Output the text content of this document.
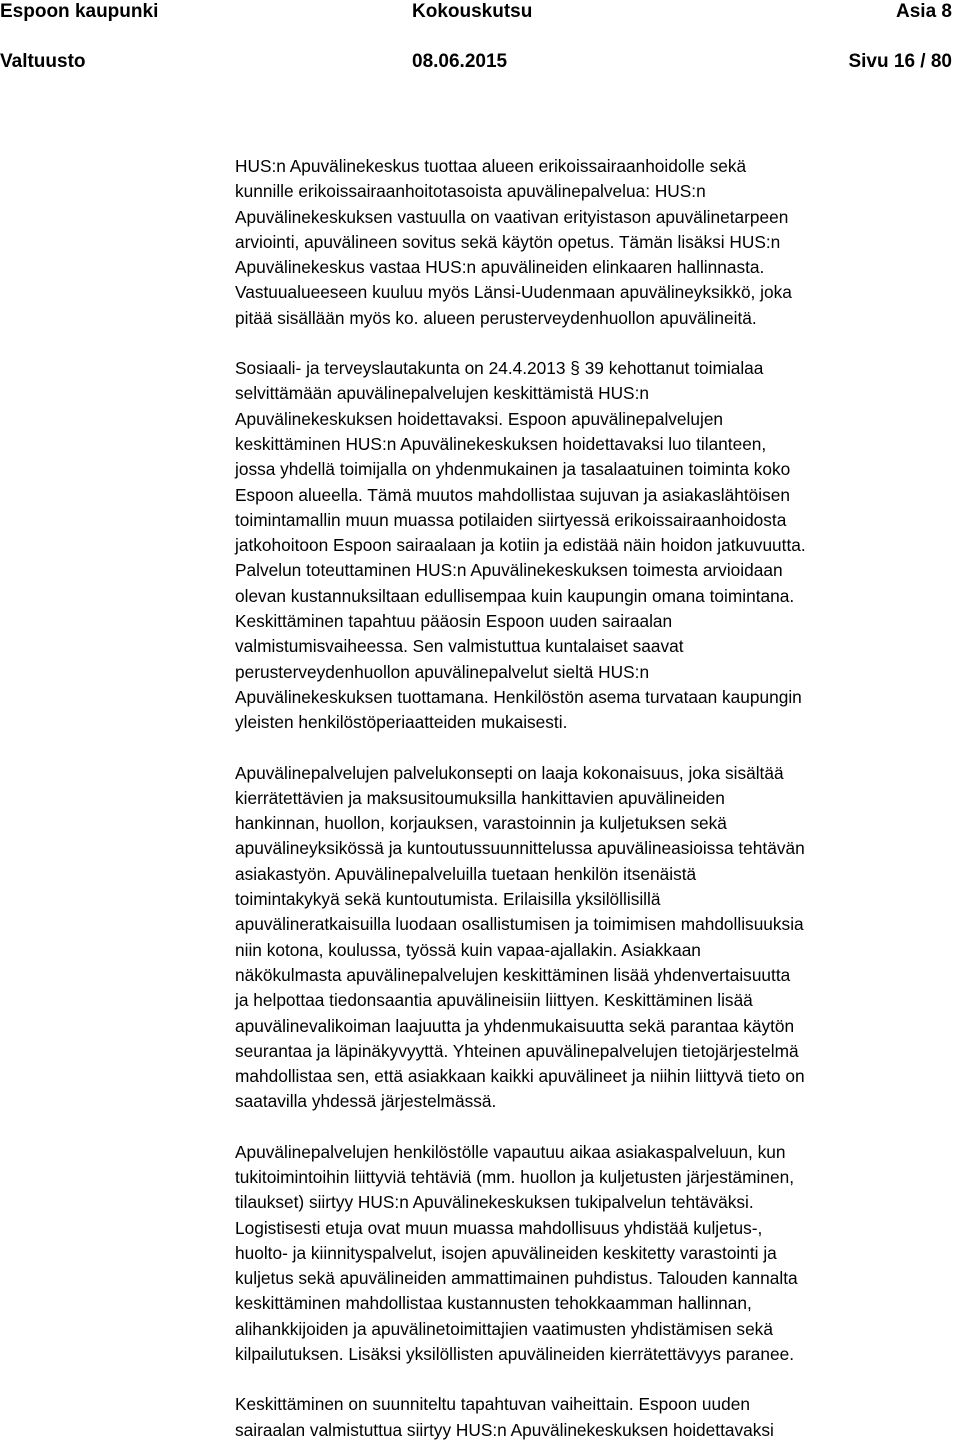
Espoon kaupunki	Kokouskutsu	Asia 8
Valtuusto	08.06.2015	Sivu 16 / 80

HUS:n Apuvälinekeskus tuottaa alueen erikoissairaanhoidolle sekä
kunnille erikoissairaanhoitotasoista apuvälinepalvelua: HUS:n
Apuvälinekeskuksen vastuulla on vaativan erityistason apuvälinetarpeen
arviointi, apuvälineen sovitus sekä käytön opetus. Tämän lisäksi HUS:n
Apuvälinekeskus vastaa HUS:n apuvälineiden elinkaaren hallinnasta.
Vastuualueeseen kuuluu myös Länsi-Uudenmaan apuvälineyksikkö, joka
pitää sisällään myös ko. alueen perusterveydenhuollon apuvälineitä.

Sosiaali- ja terveyslautakunta on 24.4.2013 § 39 kehottanut toimialaa
selvittämään apuvälinepalvelujen keskittämistä HUS:n
Apuvälinekeskuksen hoidettavaksi. Espoon apuvälinepalvelujen
keskittäminen HUS:n Apuvälinekeskuksen hoidettavaksi luo tilanteen,
jossa yhdellä toimijalla on yhdenmukainen ja tasalaatuinen toiminta koko
Espoon alueella. Tämä muutos mahdollistaa sujuvan ja asiakaslähtöisen
toimintamallin muun muassa potilaiden siirtyessä erikoissairaanhoidosta
jatkohoitoon Espoon sairaalaan ja kotiin ja edistää näin hoidon jatkuvuutta.
Palvelun toteuttaminen HUS:n Apuvälinekeskuksen toimesta arvioidaan
olevan kustannuksiltaan edullisempaa kuin kaupungin omana toimintana.
Keskittäminen tapahtuu pääosin Espoon uuden sairaalan
valmistumisvaiheessa. Sen valmistuttua kuntalaiset saavat
perusterveydenhuollon apuvälinepalvelut sieltä HUS:n
Apuvälinekeskuksen tuottamana. Henkilöstön asema turvataan kaupungin
yleisten henkilöstöperiaatteiden mukaisesti.

Apuvälinepalvelujen palvelukonsepti on laaja kokonaisuus, joka sisältää
kierrätettävien ja maksusitoumuksilla hankittavien apuvälineiden
hankinnan, huollon, korjauksen, varastoinnin ja kuljetuksen sekä
apuvälineyksikössä ja kuntoutussuunnittelussa apuvälineasioissa tehtävän
asiakastyön. Apuvälinepalveluilla tuetaan henkilön itsenäistä
toimintakykyä sekä kuntoutumista. Erilaisilla yksilöllisillä
apuvälineratkaisuilla luodaan osallistumisen ja toimimisen mahdollisuuksia
niin kotona, koulussa, työssä kuin vapaa-ajallakin. Asiakkaan
näkökulmasta apuvälinepalvelujen keskittäminen lisää yhdenvertaisuutta
ja helpottaa tiedonsaantia apuvälineisiin liittyen. Keskittäminen lisää
apuvälinevalikoiman laajuutta ja yhdenmukaisuutta sekä parantaa käytön
seurantaa ja läpinäkyvyyttä. Yhteinen apuvälinepalvelujen tietojärjestelmä
mahdollistaa sen, että asiakkaan kaikki apuvälineet ja niihin liittyvä tieto on
saatavilla yhdessä järjestelmässä.

Apuvälinepalvelujen henkilöstölle vapautuu aikaa asiakaspalveluun, kun
tukitoimintoihin liittyviä tehtäviä (mm. huollon ja kuljetusten järjestäminen,
tilaukset) siirtyy HUS:n Apuvälinekeskuksen tukipalvelun tehtäväksi.
Logistisesti etuja ovat muun muassa mahdollisuus yhdistää kuljetus-,
huolto- ja kiinnityspalvelut, isojen apuvälineiden keskitetty varastointi ja
kuljetus sekä apuvälineiden ammattimainen puhdistus. Talouden kannalta
keskittäminen mahdollistaa kustannusten tehokkaamman hallinnan,
alihankkijoiden ja apuvälinetoimittajien vaatimusten yhdistämisen sekä
kilpailutuksen. Lisäksi yksilöllisten apuvälineiden kierrätettävyys paranee.

Keskittäminen on suunniteltu tapahtuvan vaiheittain. Espoon uuden
sairaalan valmistuttua siirtyy HUS:n Apuvälinekeskuksen hoidettavaksi
